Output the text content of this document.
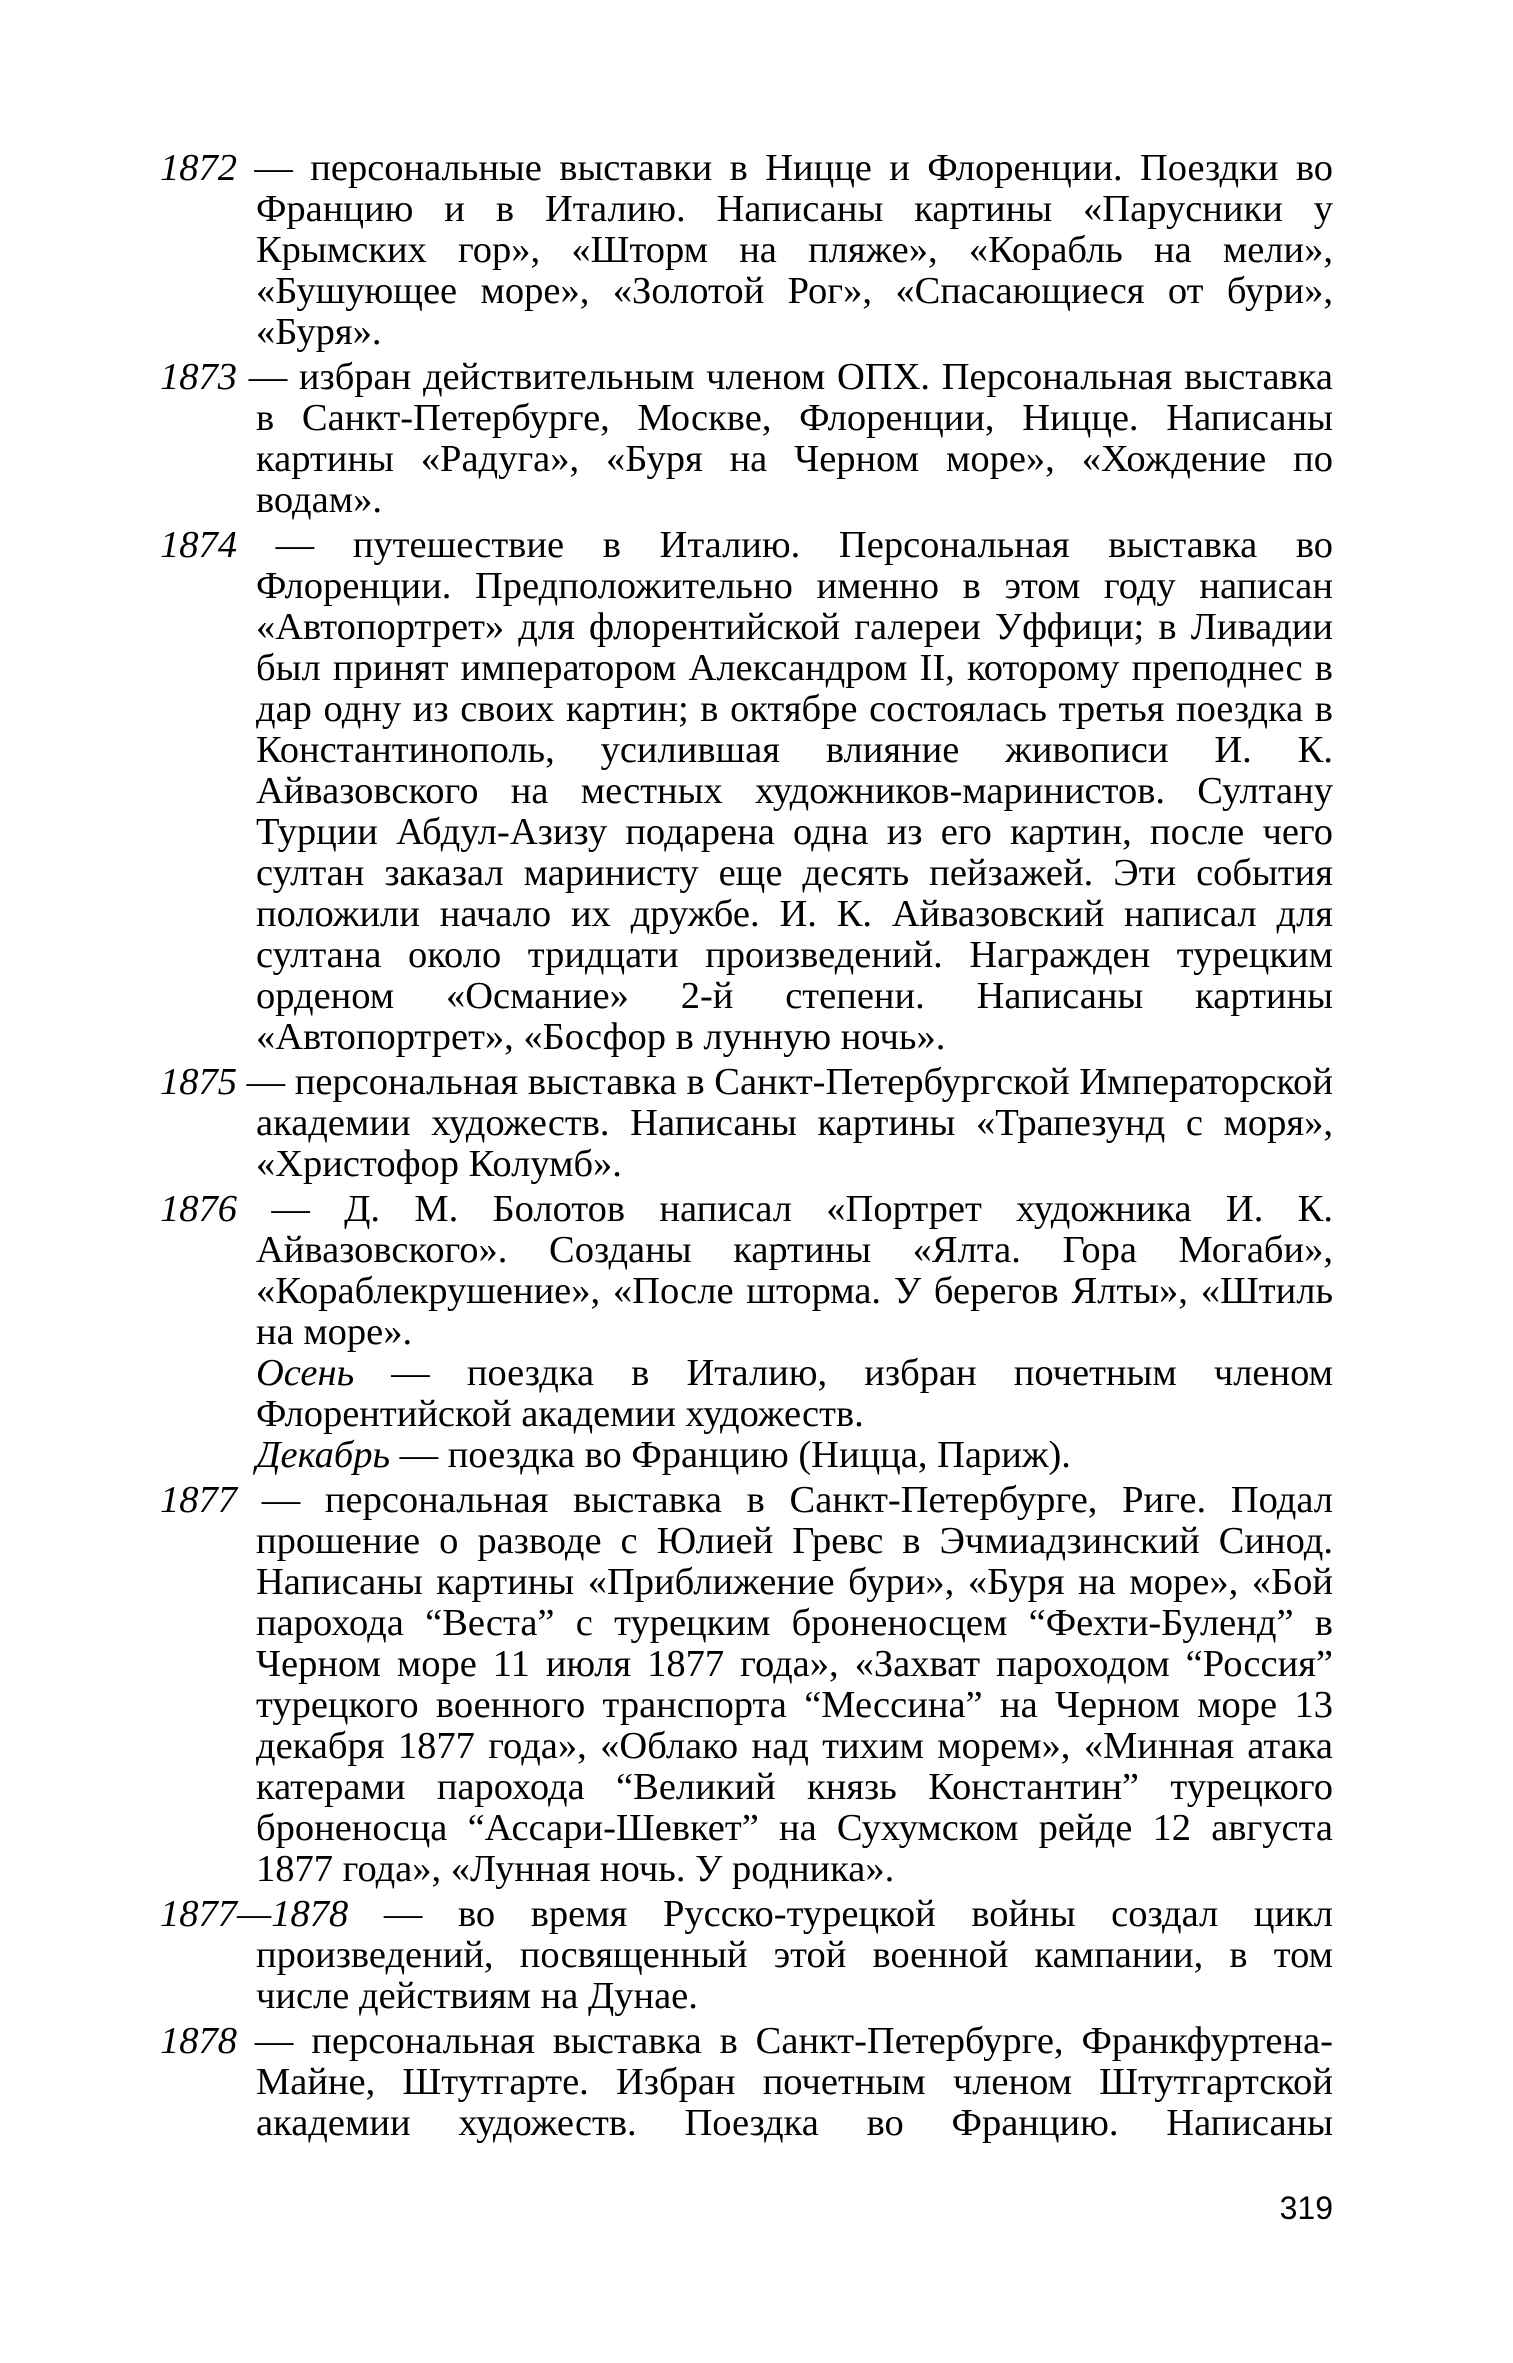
1872 — персональные выставки в Ницце и Флоренции. Поездки во Францию и в Италию. Написаны картины «Парусники у Крымских гор», «Шторм на пляже», «Корабль на мели», «Бушующее море», «Золотой Рог», «Спасающиеся от бури», «Буря».

1873 — избран действительным членом ОПХ. Персональная выставка в Санкт-Петербурге, Москве, Флоренции, Ницце. Написаны картины «Радуга», «Буря на Черном море», «Хождение по водам».

1874 — путешествие в Италию. Персональная выставка во Флоренции. Предположительно именно в этом году написан «Автопортрет» для флорентийской галереи Уффици; в Ливадии был принят императором Александром II, которому преподнес в дар одну из своих картин; в октябре состоялась третья поездка в Константинополь, усилившая влияние живописи И. К. Айвазовского на местных художников-маринистов. Султану Турции Абдул-Азизу подарена одна из его картин, после чего султан заказал маринисту еще десять пейзажей. Эти события положили начало их дружбе. И. К. Айвазовский написал для султана около тридцати произведений. Награжден турецким орденом «Османие» 2-й степени. Написаны картины «Автопортрет», «Босфор в лунную ночь».

1875 — персональная выставка в Санкт-Петербургской Императорской академии художеств. Написаны картины «Трапезунд с моря», «Христофор Колумб».

1876 — Д. М. Болотов написал «Портрет художника И. К. Айвазовского». Созданы картины «Ялта. Гора Могаби», «Кораблекрушение», «После шторма. У берегов Ялты», «Штиль на море».

Осень — поездка в Италию, избран почетным членом Флорентийской академии художеств.

Декабрь — поездка во Францию (Ницца, Париж).

1877 — персональная выставка в Санкт-Петербурге, Риге. Подал прошение о разводе с Юлией Гревс в Эчмиадзинский Синод. Написаны картины «Приближение бури», «Буря на море», «Бой парохода “Веста” с турецким броненосцем “Фехти-Буленд” в Черном море 11 июля 1877 года», «Захват пароходом “Россия” турецкого военного транспорта “Мессина” на Черном море 13 декабря 1877 года», «Облако над тихим морем», «Минная атака катерами парохода “Великий князь Константин” турецкого броненосца “Ассари-Шевкет” на Сухумском рейде 12 августа 1877 года», «Лунная ночь. У родника».

1877—1878 — во время Русско-турецкой войны создал цикл произведений, посвященный этой военной кампании, в том числе действиям на Дунае.

1878 — персональная выставка в Санкт-Петербурге, Франкфуртена-Майне, Штутгарте. Избран почетным членом Штутгартской академии художеств. Поездка во Францию. Написаны

319
